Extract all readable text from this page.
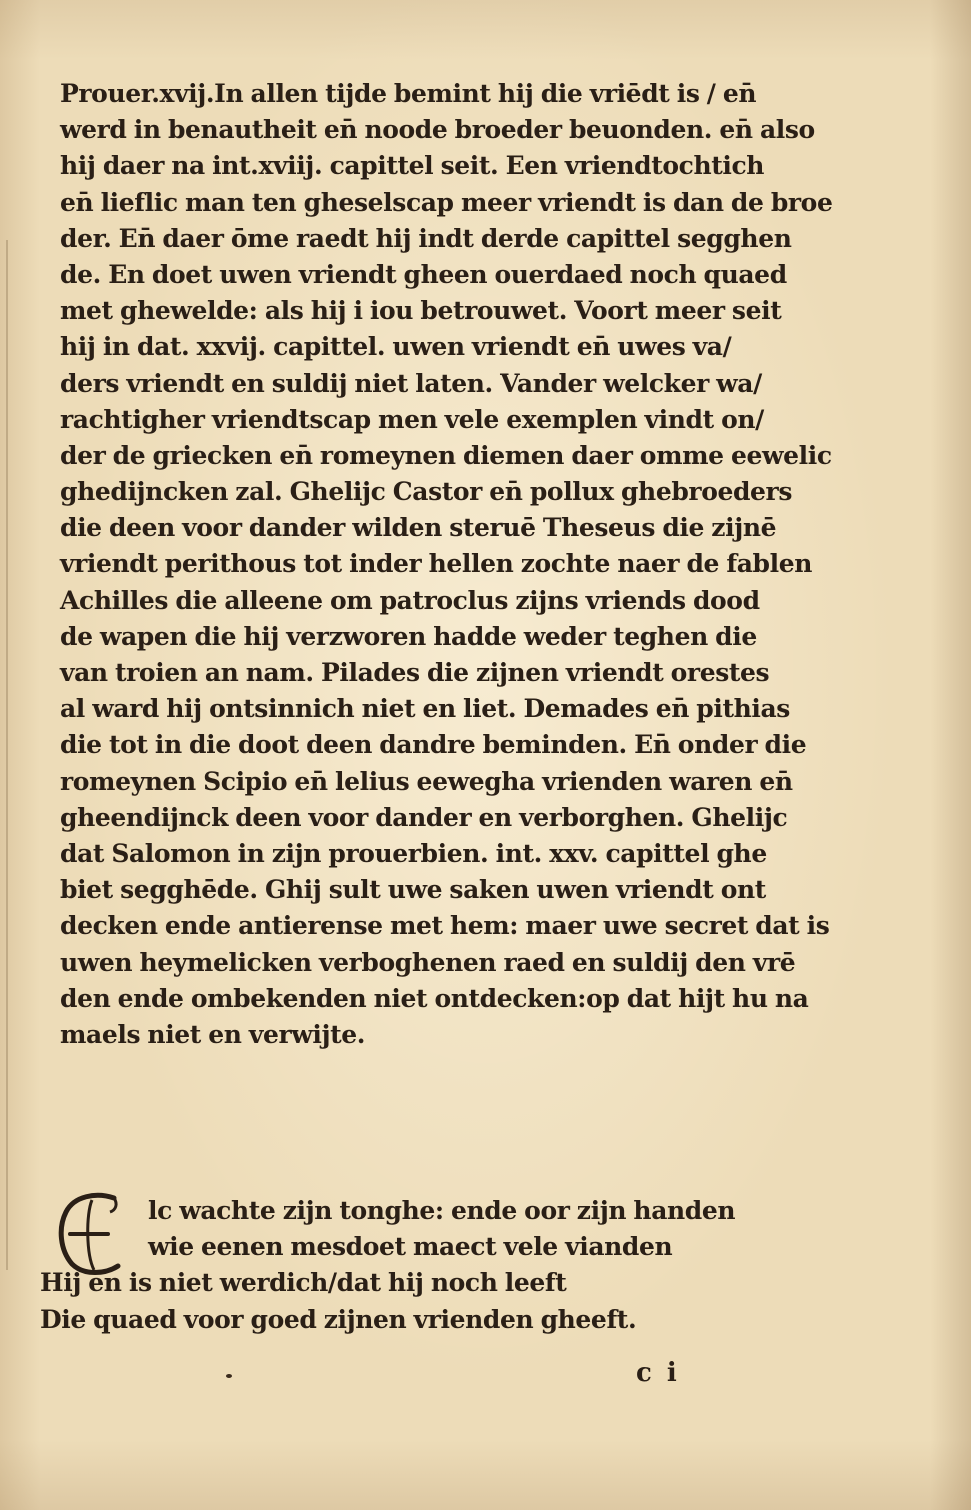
Prouer.xvij.In allen tijde bemint hij die vriēdt is / en̄
werd in benautheit en̄ noode broeder beuonden. en̄ also
hij daer na int.xviij. capittel seit. Een vriendtochtich
en̄ lieflic man ten gheselscap meer vriendt is dan de broe
der. En̄ daer ōme raedt hij indt derde capittel segghen
de. En doet uwen vriendt gheen ouerdaed noch quaed
met ghewelde: als hij i iou betrouwet. Voort meer seit
hij in dat. xxvij. capittel. uwen vriendt en̄ uwes va/
ders vriendt en suldij niet laten. Vander welcker wa/
rachtigher vriendtscap men vele exemplen vindt on/
der de griecken en̄ romeynen diemen daer omme eewelic
ghedijncken zal. Ghelijc Castor en̄ pollux ghebroeders
die deen voor dander wilden steruē Theseus die zijnē
vriendt perithous tot inder hellen zochte naer de fablen
Achilles die alleene om patroclus zijns vriends dood
de wapen die hij verzworen hadde weder teghen die
van troien an nam. Pilades die zijnen vriendt orestes
al ward hij ontsinnich niet en liet. Demades en̄ pithias
die tot in die doot deen dandre beminden. En̄ onder die
romeynen Scipio en̄ lelius eewegha vrienden waren en̄
gheendijnck deen voor dander en verborghen. Ghelijc
dat Salomon in zijn prouerbien. int. xxv. capittel ghe
biet segghēde. Ghij sult uwe saken uwen vriendt ont
decken ende antierense met hem: maer uwe secret dat is
uwen heymelicken verboghenen raed en suldij den vrē
den ende ombekenden niet ontdecken:op dat hijt hu na
maels niet en verwijte.
lc wachte zijn tonghe: ende oor zijn handen
wie eenen mesdoet maect vele vianden
Hij en is niet werdich/dat hij noch leeft
Die quaed voor goed zijnen vrienden gheeft.
c i
